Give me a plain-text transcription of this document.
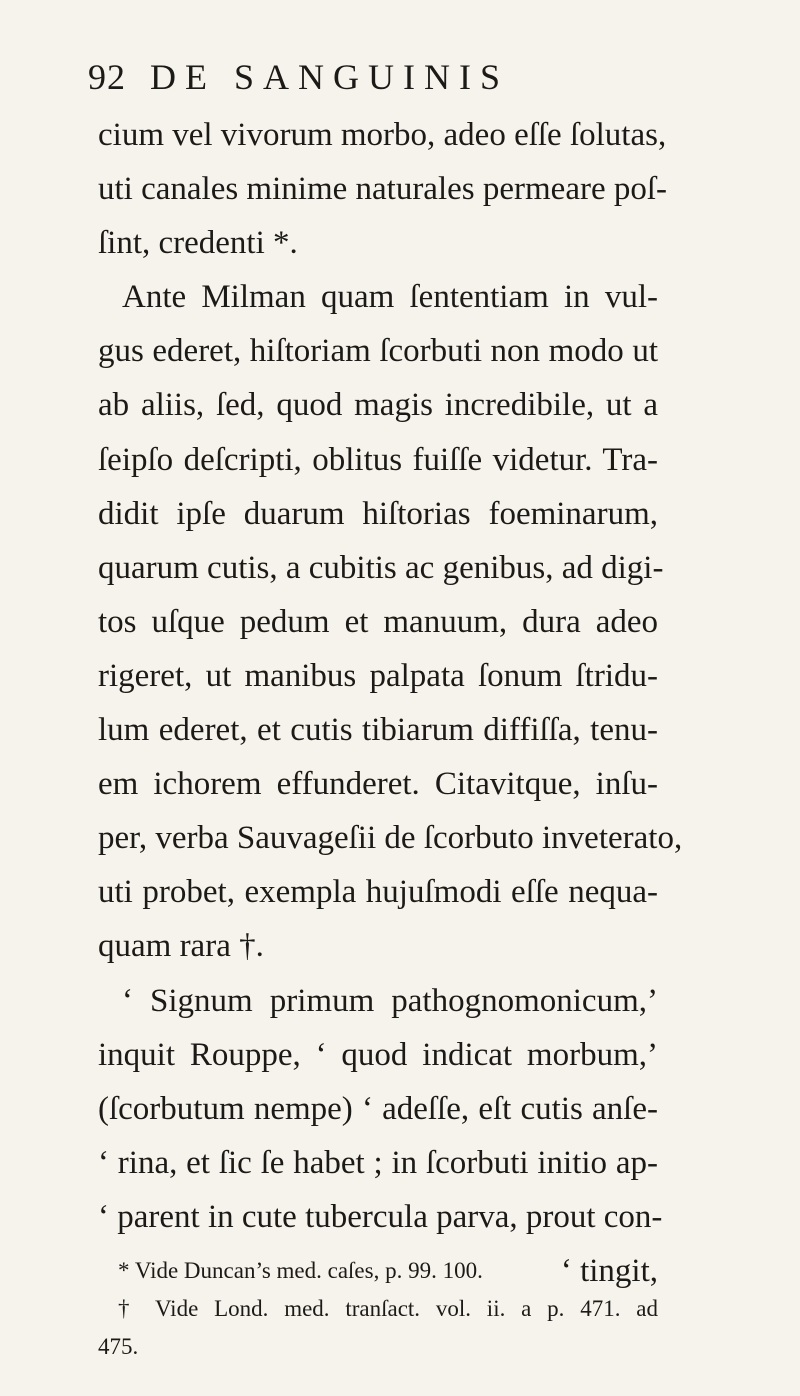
92 DE SANGUINIS
cium vel vivorum morbo, adeo eſſe ſolutas,
uti canales minime naturales permeare poſ-
ſint, credenti *.
Ante Milman quam ſententiam in vul-
gus ederet, hiſtoriam ſcorbuti non modo ut
ab aliis, ſed, quod magis incredibile, ut a
ſeipſo deſcripti, oblitus fuiſſe videtur. Tra-
didit ipſe duarum hiſtorias foeminarum,
quarum cutis, a cubitis ac genibus, ad digi-
tos uſque pedum et manuum, dura adeo
rigeret, ut manibus palpata ſonum ſtridu-
lum ederet, et cutis tibiarum diffiſſa, tenu-
em ichorem effunderet. Citavitque, inſu-
per, verba Sauvageſii de ſcorbuto inveterato,
uti probet, exempla hujuſmodi eſſe nequa-
quam rara †.
‘ Signum primum pathognomonicum,’
inquit Rouppe, ‘ quod indicat morbum,’
(ſcorbutum nempe) ‘ adeſſe, eſt cutis anſe-
‘ rina, et ſic ſe habet ; in ſcorbuti initio ap-
‘ parent in cute tubercula parva, prout con-
‘ tingit,
* Vide Duncan’s med. caſes, p. 99. 100.
† Vide Lond. med. tranſact. vol. ii. a p. 471. ad
475.
